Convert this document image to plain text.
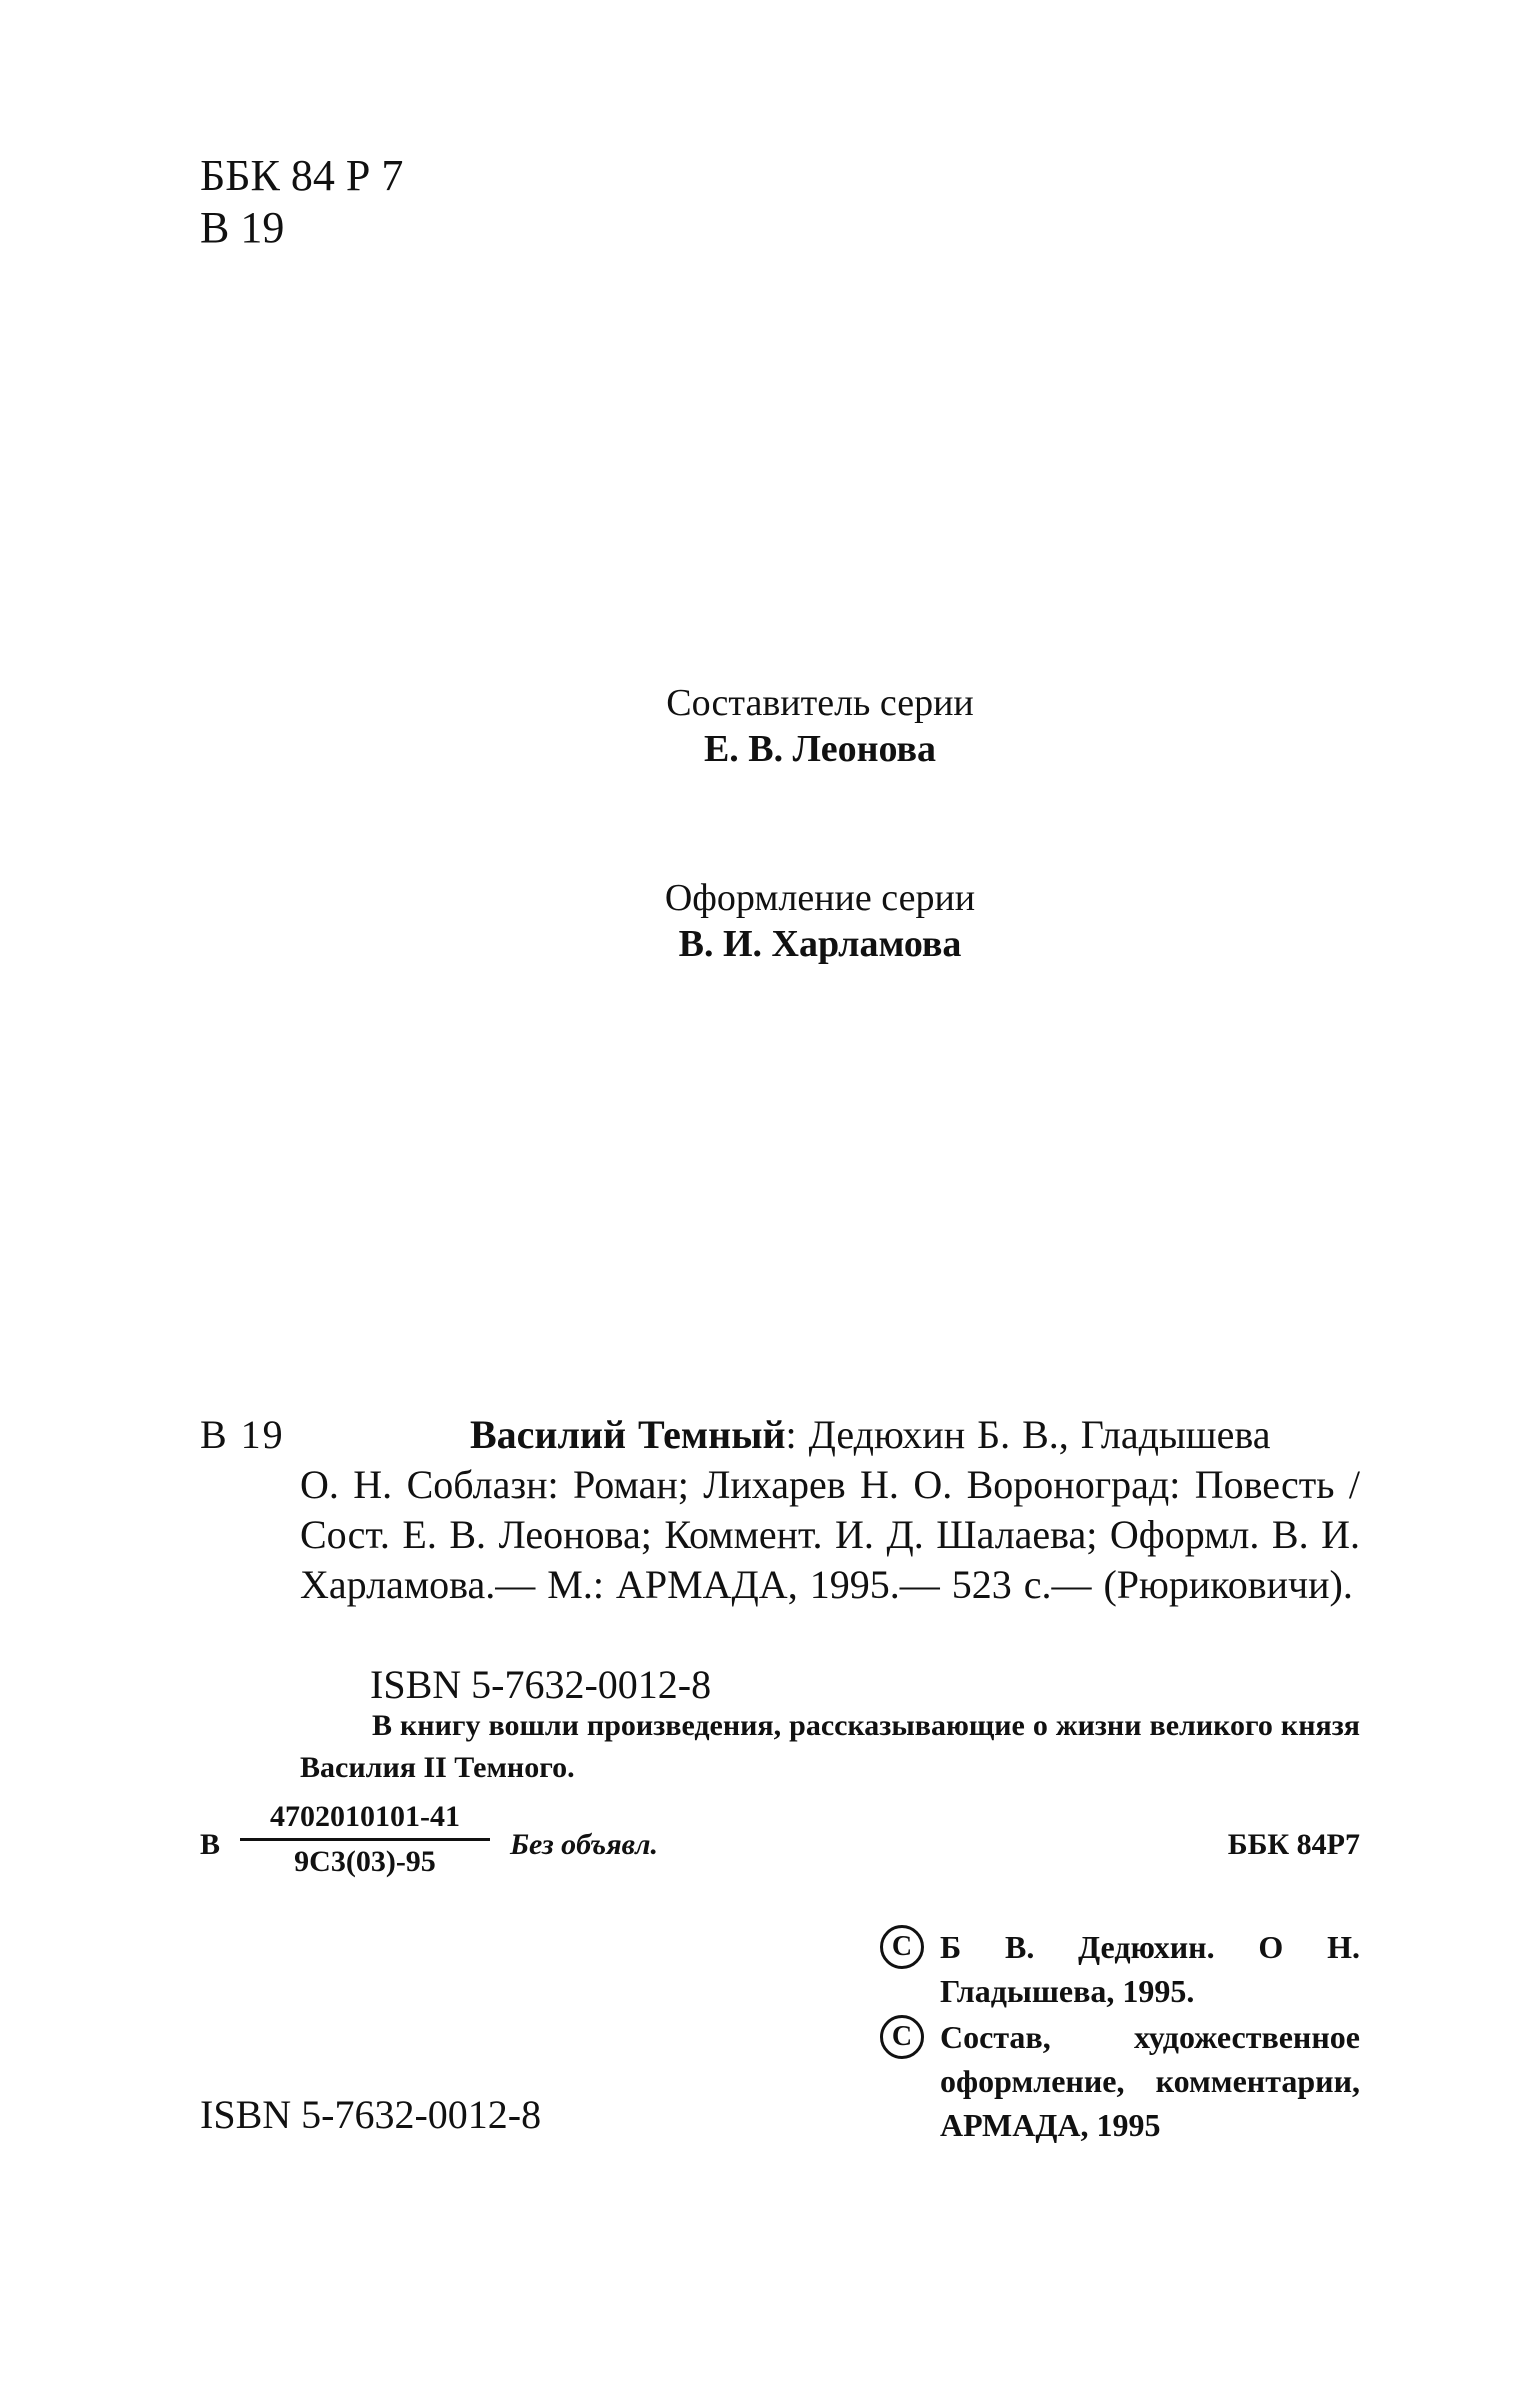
ББК 84 Р 7
В 19
Составитель серии
Е. В. Леонова
Оформление серии
В. И. Харламова
В 19	Василий Темный: Дедюхин Б. В., Гладышева
О. Н. Соблазн: Роман; Лихарев Н. О. Вороноград: Повесть / Сост. Е. В. Леонова; Коммент. И. Д. Шалаева; Оформл. В. И. Харламова.— М.: АРМАДА, 1995.— 523 с.— (Рюриковичи).
ISBN 5-7632-0012-8
В книгу вошли произведения, рассказывающие о жизни великого князя Василия II Темного.
В
4702010101-41
9С3(03)-95
Без объявл.	ББК 84Р7
С Б В. Дедюхин. О Н. Гладышева, 1995.
С Состав, художественное оформление, комментарии, АРМАДА, 1995
ISBN 5-7632-0012-8
